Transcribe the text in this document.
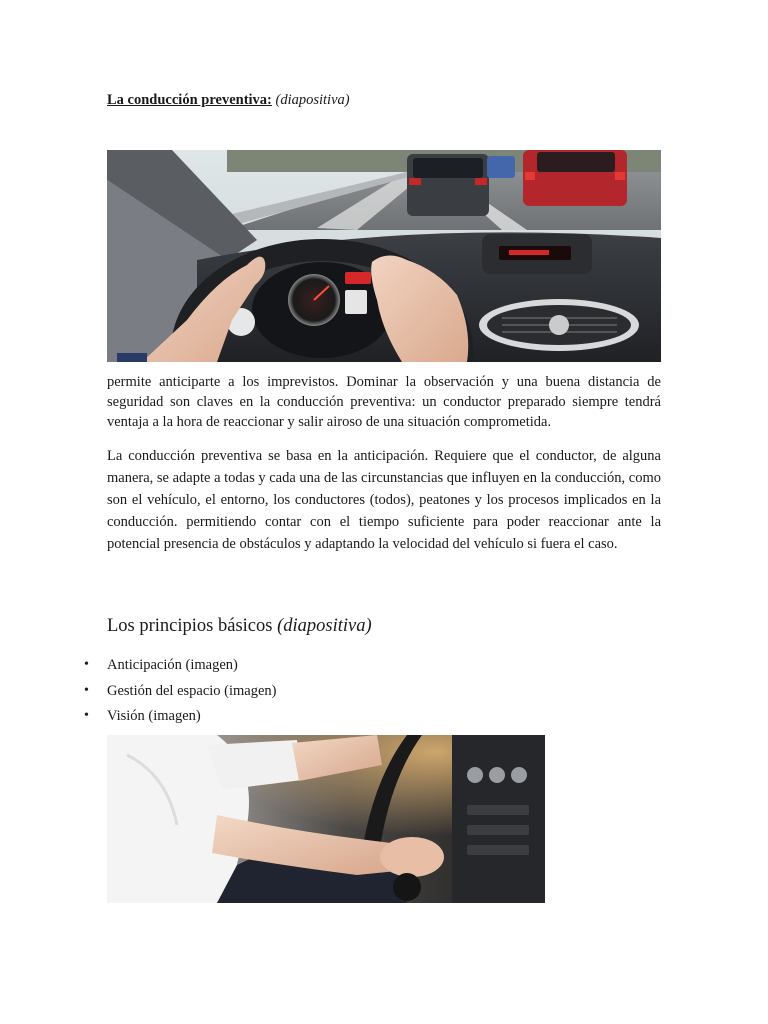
La conducción preventiva: (diapositiva)

permite anticiparte a los imprevistos. Dominar la observación y una buena distancia de seguridad son claves en la conducción preventiva: un conductor preparado siempre tendrá ventaja a la hora de reaccionar y salir airoso de una situación comprometida.

La conducción preventiva se basa en la anticipación. Requiere que el conductor, de alguna manera, se adapte a todas y cada una de las circunstancias que influyen en la conducción, como son el vehículo, el entorno, los conductores (todos), peatones y los procesos implicados en la conducción. permitiendo contar con el tiempo suficiente para poder reaccionar ante la potencial presencia de obstáculos y adaptando la velocidad del vehículo si fuera el caso.

Los principios básicos (diapositiva)
• Anticipación (imagen)
• Gestión del espacio (imagen)
• Visión (imagen)
